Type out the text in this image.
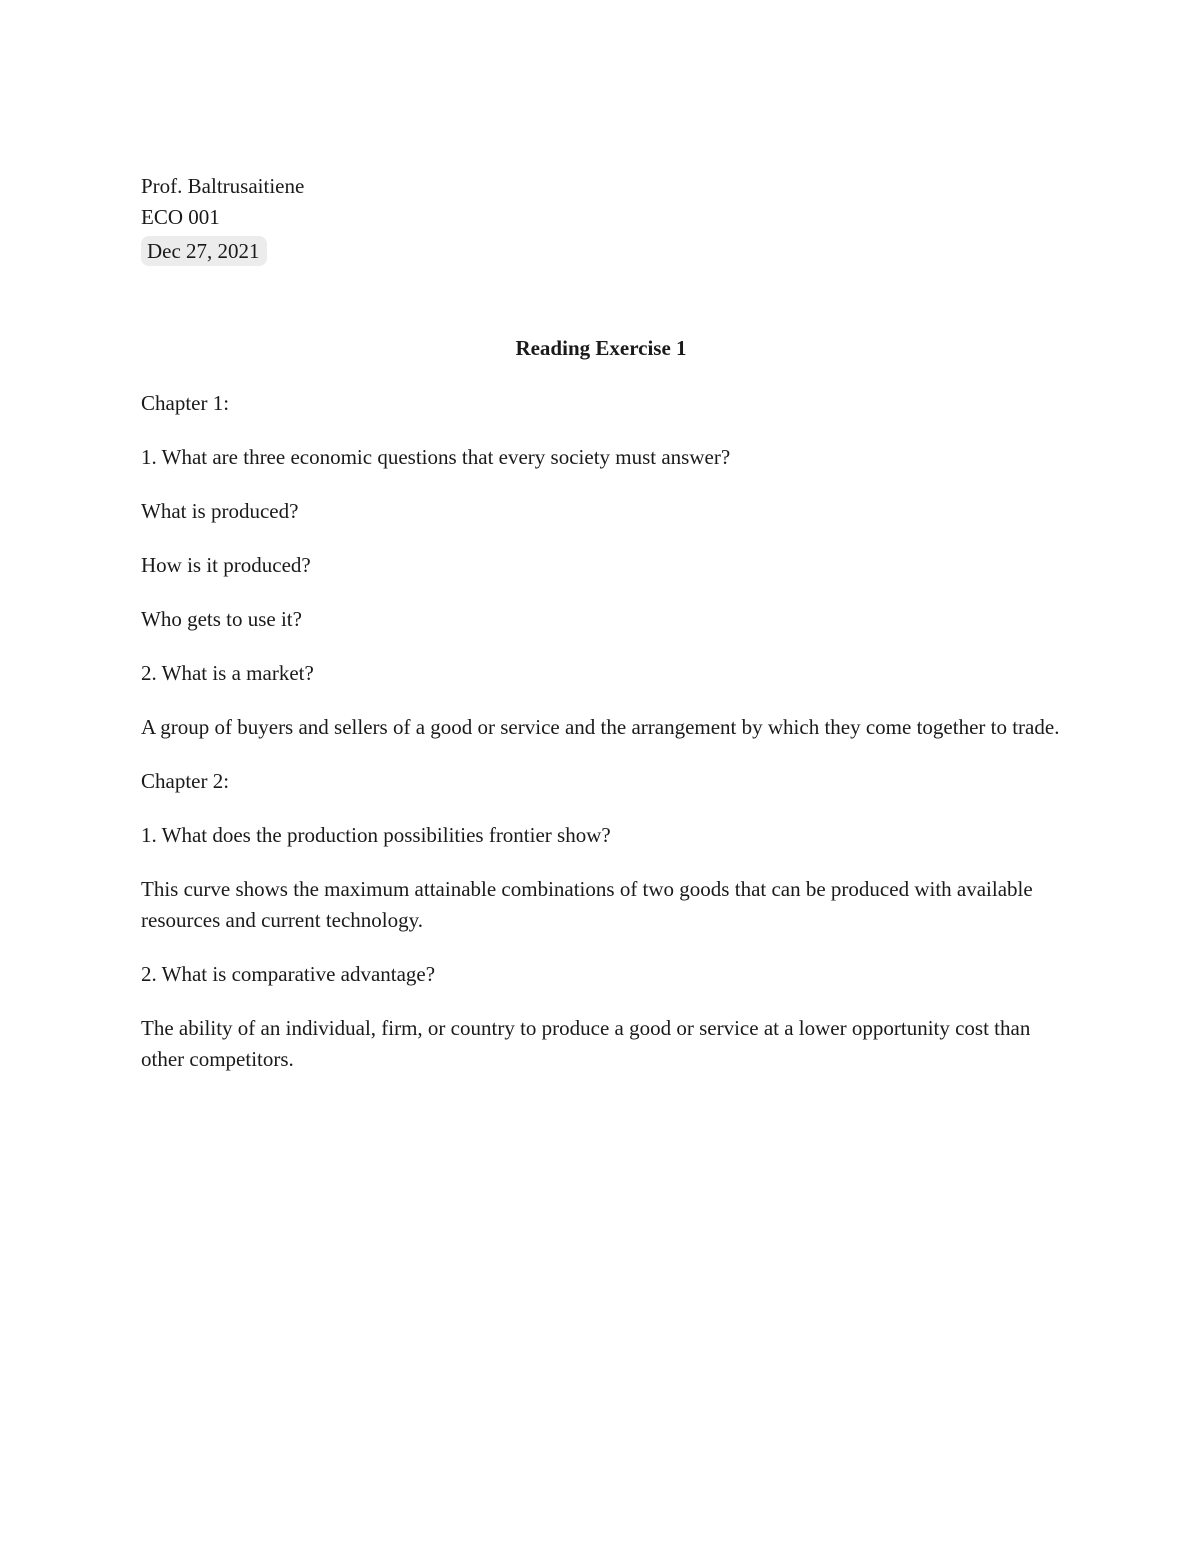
Prof. Baltrusaitiene

ECO 001

Dec 27, 2021

Reading Exercise 1

Chapter 1:

1. What are three economic questions that every society must answer?

What is produced?

How is it produced?

Who gets to use it?

2. What is a market?

A group of buyers and sellers of a good or service and the arrangement by which they come together to trade.

Chapter 2:

1. What does the production possibilities frontier show?

This curve shows the maximum attainable combinations of two goods that can be produced with available resources and current technology.

2. What is comparative advantage?

The ability of an individual, firm, or country to produce a good or service at a lower opportunity cost than other competitors.
